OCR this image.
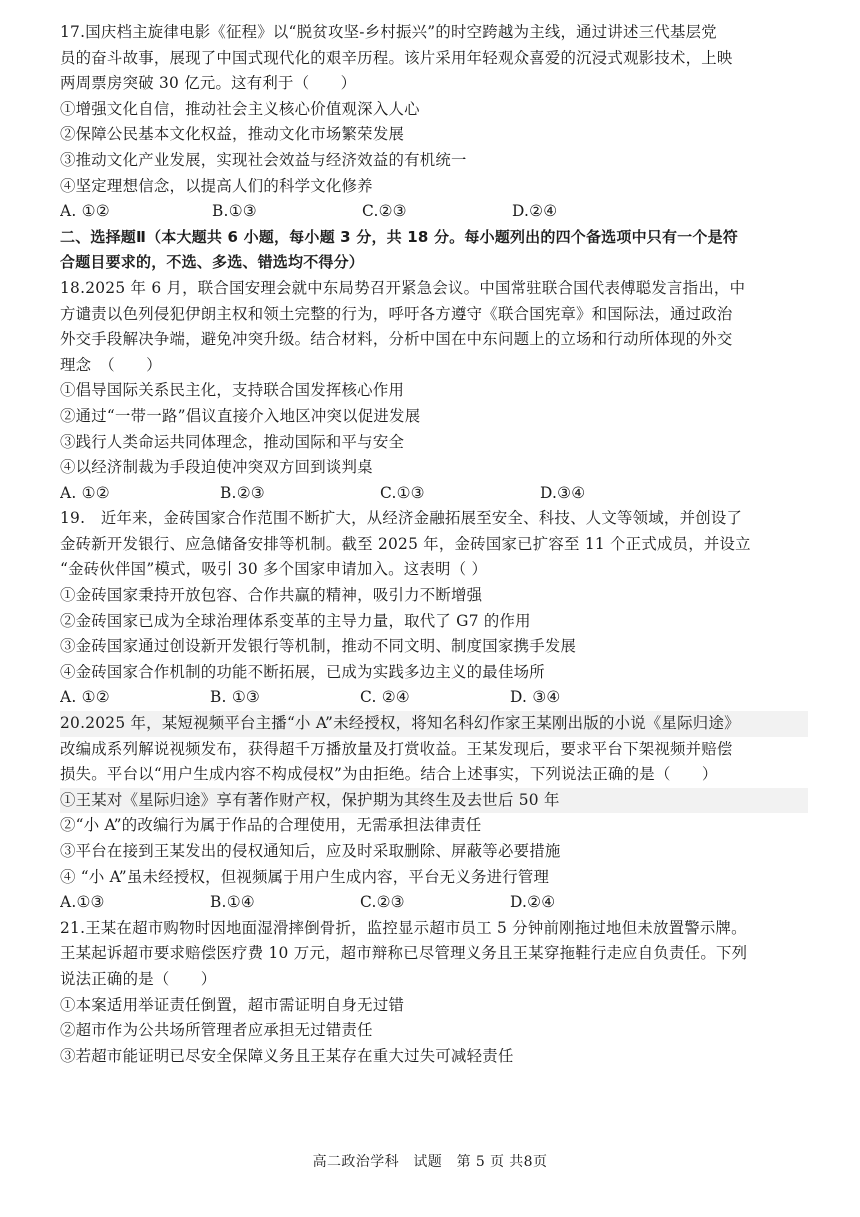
17.国庆档主旋律电影《征程》以“脱贫攻坚-乡村振兴”的时空跨越为主线，通过讲述三代基层党
员的奋斗故事，展现了中国式现代化的艰辛历程。该片采用年轻观众喜爱的沉浸式观影技术，上映
两周票房突破 30 亿元。这有利于（　　）
①增强文化自信，推动社会主义核心价值观深入人心
②保障公民基本文化权益，推动文化市场繁荣发展
③推动文化产业发展，实现社会效益与经济效益的有机统一
④坚定理想信念，以提高人们的科学文化修养
A. ①②	B.①③	C.②③	D.②④
二、选择题Ⅱ（本大题共 6 小题，每小题 3 分，共 18 分。每小题列出的四个备选项中只有一个是符
合题目要求的，不选、多选、错选均不得分）
18.2025 年 6 月，联合国安理会就中东局势召开紧急会议。中国常驻联合国代表傅聪发言指出，中
方谴责以色列侵犯伊朗主权和领土完整的行为，呼吁各方遵守《联合国宪章》和国际法，通过政治
外交手段解决争端，避免冲突升级。结合材料，分析中国在中东问题上的立场和行动所体现的外交
理念　（　　）
①倡导国际关系民主化，支持联合国发挥核心作用
②通过“一带一路”倡议直接介入地区冲突以促进发展
③践行人类命运共同体理念，推动国际和平与安全
④以经济制裁为手段迫使冲突双方回到谈判桌
A. ①②	B.②③	C.①③	D.③④
19.　近年来，金砖国家合作范围不断扩大，从经济金融拓展至安全、科技、人文等领域，并创设了
金砖新开发银行、应急储备安排等机制。截至 2025 年，金砖国家已扩容至 11 个正式成员，并设立
“金砖伙伴国”模式，吸引 30 多个国家申请加入。这表明（ ）
①金砖国家秉持开放包容、合作共赢的精神，吸引力不断增强
②金砖国家已成为全球治理体系变革的主导力量，取代了 G7 的作用
③金砖国家通过创设新开发银行等机制，推动不同文明、制度国家携手发展
④金砖国家合作机制的功能不断拓展，已成为实践多边主义的最佳场所
A. ①②	B. ①③	C. ②④	D. ③④
20.2025 年，某短视频平台主播“小 A”未经授权，将知名科幻作家王某刚出版的小说《星际归途》
改编成系列解说视频发布，获得超千万播放量及打赏收益。王某发现后，要求平台下架视频并赔偿
损失。平台以“用户生成内容不构成侵权”为由拒绝。结合上述事实，下列说法正确的是（　　）
①王某对《星际归途》享有著作财产权，保护期为其终生及去世后 50 年
②“小 A”的改编行为属于作品的合理使用，无需承担法律责任
③平台在接到王某发出的侵权通知后，应及时采取删除、屏蔽等必要措施
④ “小 A”虽未经授权，但视频属于用户生成内容，平台无义务进行管理
A.①③	B.①④	C.②③	D.②④
21.王某在超市购物时因地面湿滑摔倒骨折，监控显示超市员工 5 分钟前刚拖过地但未放置警示牌。
王某起诉超市要求赔偿医疗费 10 万元，超市辩称已尽管理义务且王某穿拖鞋行走应自负责任。下列
说法正确的是（　　）
①本案适用举证责任倒置，超市需证明自身无过错
②超市作为公共场所管理者应承担无过错责任
③若超市能证明已尽安全保障义务且王某存在重大过失可减轻责任
高二政治学科　试题　第 5 页 共8页
